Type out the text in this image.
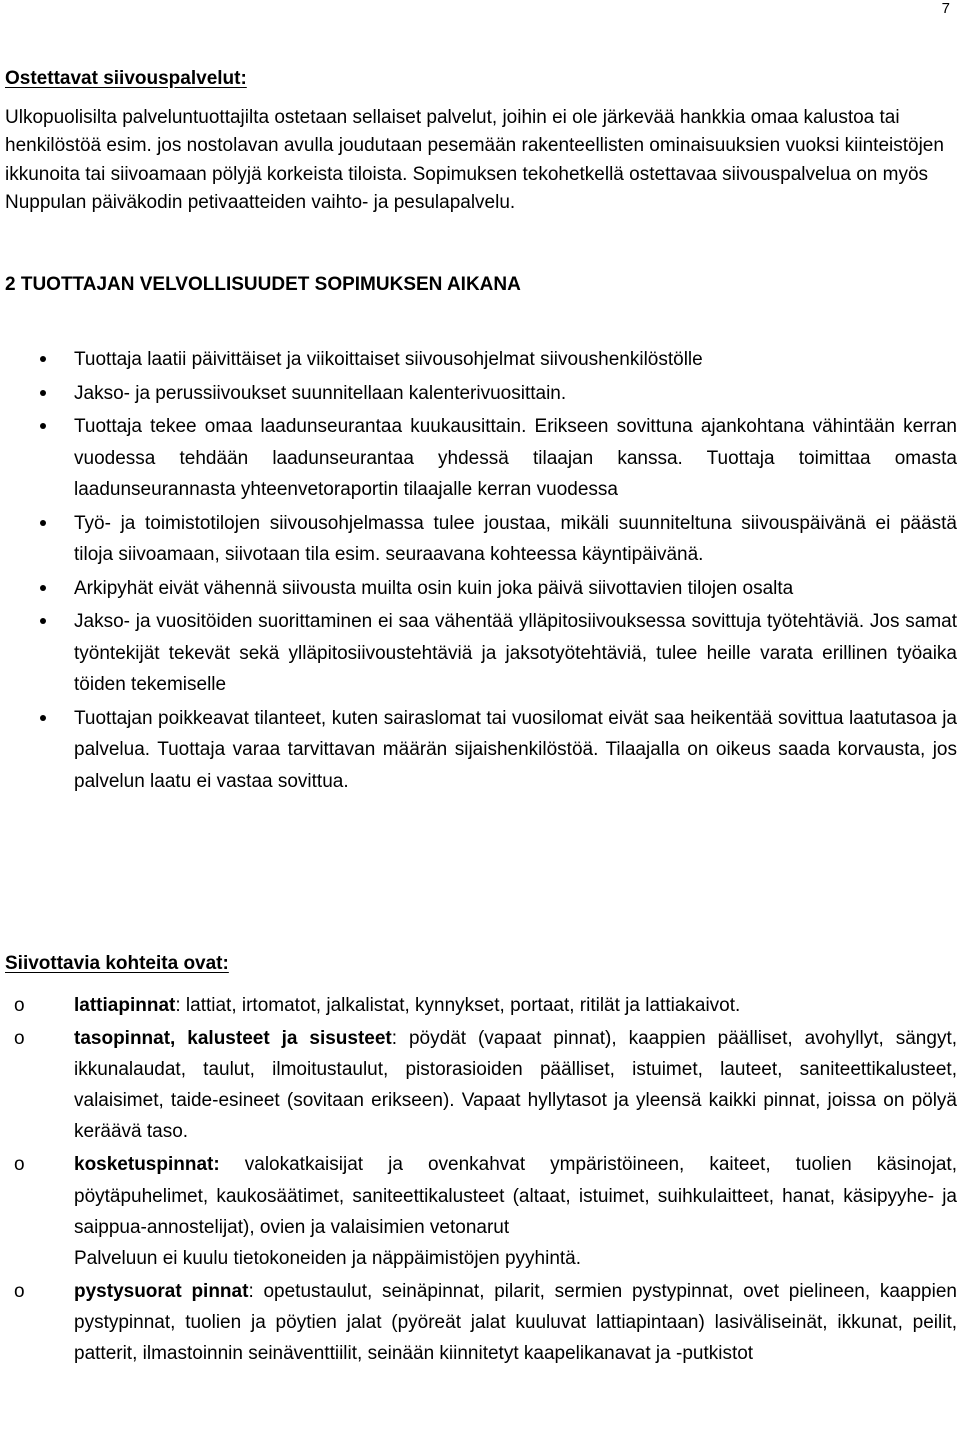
7
Ostettavat siivouspalvelut:

Ulkopuolisilta palveluntuottajilta ostetaan sellaiset palvelut, joihin ei ole järkevää hankkia omaa kalustoa tai henkilöstöä esim. jos nostolavan avulla joudutaan pesemään rakenteellisten ominaisuuksien vuoksi kiinteistöjen ikkunoita tai siivoamaan pölyjä korkeista tiloista. Sopimuksen tekohetkellä ostettavaa siivouspalvelua on myös Nuppulan päiväkodin petivaatteiden vaihto- ja pesulapalvelu.

2 TUOTTAJAN VELVOLLISUUDET SOPIMUKSEN AIKANA
Tuottaja laatii päivittäiset ja viikoittaiset siivousohjelmat siivoushenkilöstölle
Jakso- ja perussiivoukset suunnitellaan kalenterivuosittain.
Tuottaja tekee omaa laadunseurantaa kuukausittain. Erikseen sovittuna ajankohtana vähintään kerran vuodessa tehdään laadunseurantaa yhdessä tilaajan kanssa. Tuottaja toimittaa omasta laadunseurannasta yhteenvetoraportin tilaajalle kerran vuodessa
Työ- ja toimistotilojen siivousohjelmassa tulee joustaa, mikäli suunniteltuna siivouspäivänä ei päästä tiloja siivoamaan, siivotaan tila esim. seuraavana kohteessa käyntipäivänä.
Arkipyhät eivät vähennä siivousta muilta osin kuin joka päivä siivottavien tilojen osalta
Jakso- ja vuositöiden suorittaminen ei saa vähentää ylläpitosiivouksessa sovittuja työtehtäviä. Jos samat työntekijät tekevät sekä ylläpitosiivoustehtäviä ja jaksotyötehtäviä, tulee heille varata erillinen työaika töiden tekemiselle
Tuottajan poikkeavat tilanteet, kuten sairaslomat tai vuosilomat eivät saa heikentää sovittua laatutasoa ja palvelua. Tuottaja varaa tarvittavan määrän sijaishenkilöstöä. Tilaajalla on oikeus saada korvausta, jos palvelun laatu ei vastaa sovittua.
Siivottavia kohteita ovat:
o	lattiapinnat: lattiat, irtomatot, jalkalistat, kynnykset, portaat, ritilät ja lattiakaivot.
o	tasopinnat, kalusteet ja sisusteet: pöydät (vapaat pinnat), kaappien päälliset, avohyllyt, sängyt, ikkunalaudat, taulut, ilmoitustaulut, pistorasioiden päälliset, istuimet, lauteet, saniteettikalusteet, valaisimet, taide-esineet (sovitaan erikseen). Vapaat hyllytasot ja yleensä kaikki pinnat, joissa on pölyä keräävä taso.
o	kosketuspinnat: valokatkaisijat ja ovenkahvat ympäristöineen, kaiteet, tuolien käsinojat, pöytäpuhelimet, kaukosäätimet, saniteettikalusteet (altaat, istuimet, suihkulaitteet, hanat, käsipyyhe- ja saippua-annostelijat), ovien ja valaisimien vetonarut
Palveluun ei kuulu tietokoneiden ja näppäimistöjen pyyhintä.
o	pystysuorat pinnat: opetustaulut, seinäpinnat, pilarit, sermien pystypinnat, ovet pielineen, kaappien pystypinnat, tuolien ja pöytien jalat (pyöreät jalat kuuluvat lattiapintaan) lasiväliseinät, ikkunat, peilit, patterit, ilmastoinnin seinäventtiilit, seinään kiinnitetyt kaapelikanavat ja -putkistot
